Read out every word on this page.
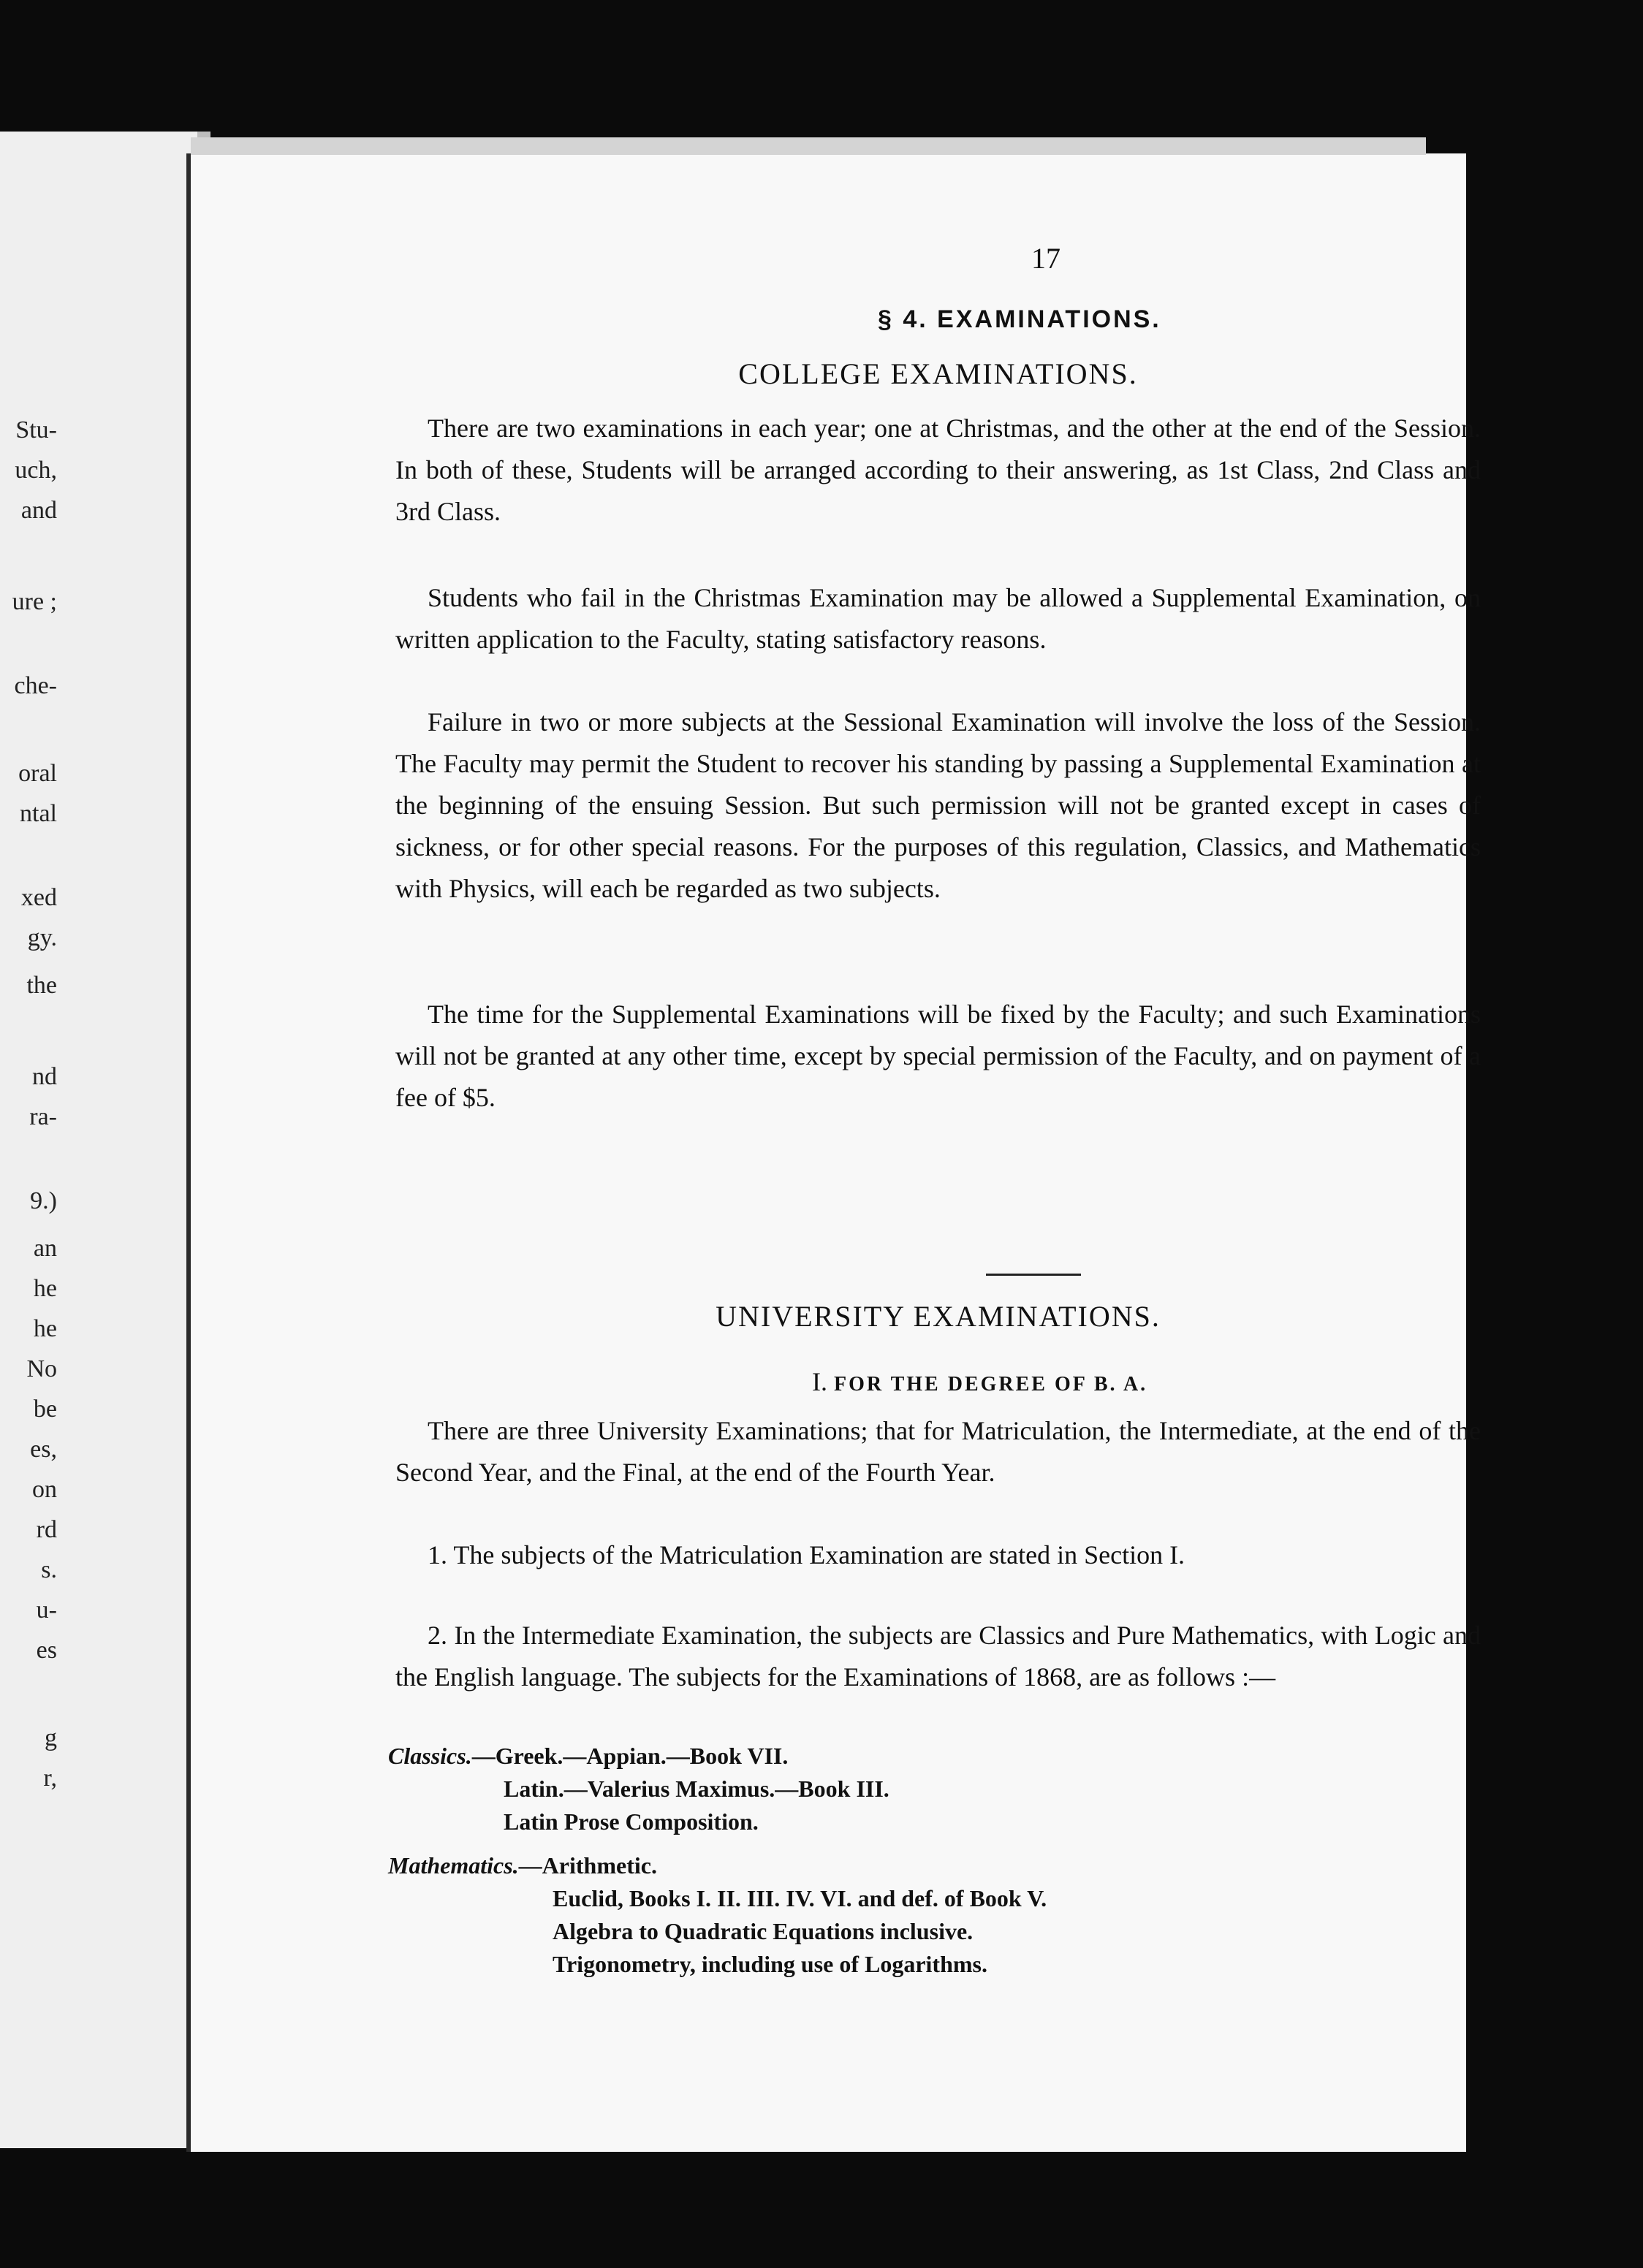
Stu-
uch,
and
ure ;
che-
oral
ntal
xed
gy.
the
nd
ra-
9.)
an
he
he
No
be
es,
on
rd
s.
u-
es
g
r,
17
§ 4. EXAMINATIONS.
COLLEGE EXAMINATIONS.

There are two examinations in each year; one at Christmas, and the other at the end of the Session. In both of these, Students will be arranged according to their answering, as 1st Class, 2nd Class and 3rd Class.

Students who fail in the Christmas Examination may be allowed a Supplemental Examination, on written application to the Faculty, stating satisfactory reasons.

Failure in two or more subjects at the Sessional Examination will involve the loss of the Session. The Faculty may permit the Student to recover his standing by passing a Supplemental Examination at the beginning of the ensuing Session. But such permission will not be granted except in cases of sickness, or for other special reasons. For the purposes of this regulation, Classics, and Mathematics with Physics, will each be regarded as two subjects.

The time for the Supplemental Examinations will be fixed by the Faculty; and such Examinations will not be granted at any other time, except by special permission of the Faculty, and on payment of a fee of $5.

UNIVERSITY EXAMINATIONS.
I. FOR THE DEGREE OF B. A.

There are three University Examinations; that for Matriculation, the Intermediate, at the end of the Second Year, and the Final, at the end of the Fourth Year.

1. The subjects of the Matriculation Examination are stated in Section I.

2. In the Intermediate Examination, the subjects are Classics and Pure Mathematics, with Logic and the English language. The subjects for the Examinations of 1868, are as follows :—

Classics.—Greek.—Appian.—Book VII.
Latin.—Valerius Maximus.—Book III.
Latin Prose Composition.
Mathematics.—Arithmetic.
Euclid, Books I. II. III. IV. VI. and def. of Book V.
Algebra to Quadratic Equations inclusive.
Trigonometry, including use of Logarithms.
